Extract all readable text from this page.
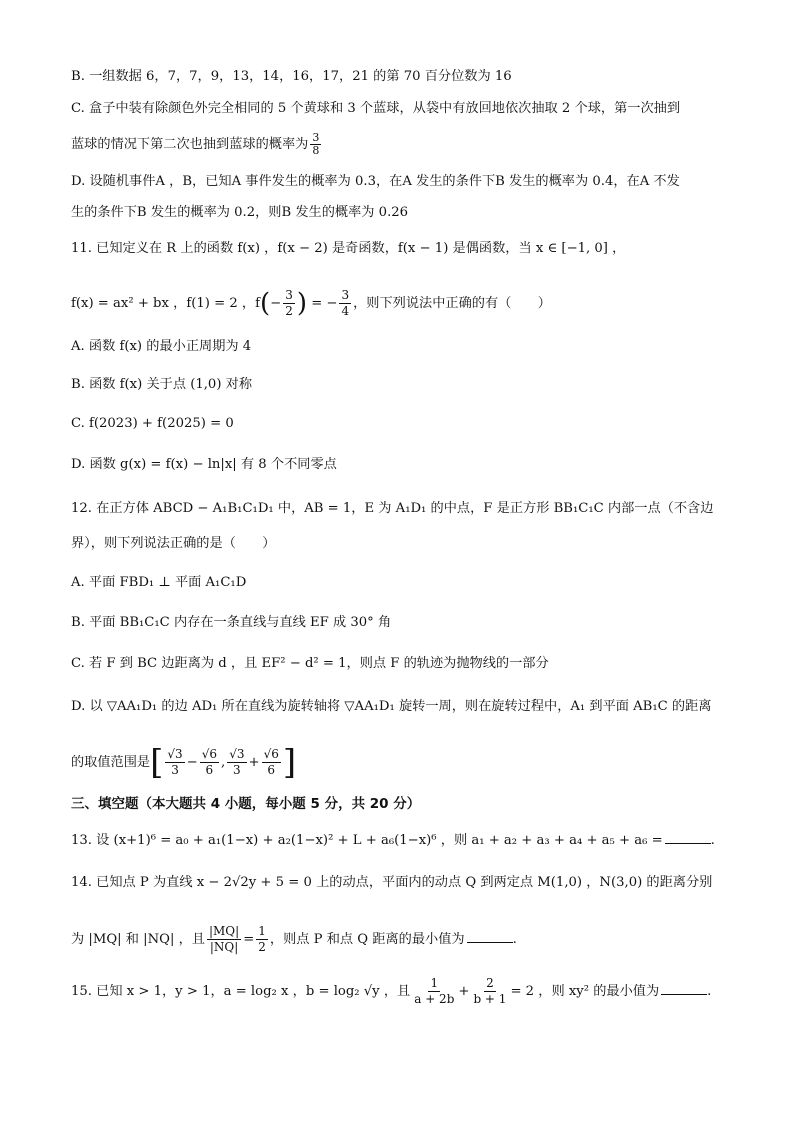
B. 一组数据 6，7，7，9，13，14，16，17，21 的第 70 百分位数为 16
C. 盒子中装有除颜色外完全相同的 5 个黄球和 3 个蓝球，从袋中有放回地依次抽取 2 个球，第一次抽到
蓝球的情况下第二次也抽到蓝球的概率为 $\frac{3}{8}$
D. 设随机事件A ，B，已知A 事件发生的概率为 0.3，在A 发生的条件下B 发生的概率为 0.4，在A 不发
生的条件下B 发生的概率为 0.2，则B 发生的概率为 0.26
11. 已知定义在 R 上的函数 f(x) ，f(x − 2) 是奇函数，f(x − 1) 是偶函数，当 x ∈ [−1, 0] ，
f(x) = ax² + bx ，f(1) = 2 ，$f(- \frac{3}{2}$ ) = − $\frac{3}{4}$ ，则下列说法中正确的有（　　）
A. 函数 f(x) 的最小正周期为 4
B. 函数 f(x) 关于点 (1,0) 对称
C. f(2023) + f(2025) = 0
D. 函数 g(x) = f(x) − ln|x| 有 8 个不同零点
12. 在正方体 ABCD − A₁B₁C₁D₁ 中，AB = 1，E 为 A₁D₁ 的中点，F 是正方形 BB₁C₁C 内部一点（不含边
界），则下列说法正确的是（　　）
A. 平面 FBD₁ ⊥ 平面 A₁C₁D
B. 平面 BB₁C₁C 内存在一条直线与直线 EF 成 30° 角
C. 若 F 到 BC 边距离为 d ，且 EF² − d² = 1，则点 F 的轨迹为抛物线的一部分
D. 以 ▽AA₁D₁ 的边 AD₁ 所在直线为旋转轴将 ▽AA₁D₁ 旋转一周，则在旋转过程中，A₁ 到平面 AB₁C 的距离
的取值范围是[ $\frac{√3}{3} - \frac{√6}{6}$ , $\frac{√3}{3} + \frac{√6}{6}$ ]
三、填空题（本大题共 4 小题，每小题 5 分，共 20 分）
13. 设 (x+1)⁶ = a₀ + a₁(1−x) + a₂(1−x)² + L + a₆(1−x)⁶ ，则 a₁ + a₂ + a₃ + a₄ + a₅ + a₆ =	.
14. 已知点 P 为直线 x − 2√2y + 5 = 0 上的动点，平面内的动点 Q 到两定点 M(1,0) ，N(3,0) 的距离分别
为 |MQ| 和 |NQ| ，且 $\frac{|MQ|}{|NQ|} = \frac{1}{2}$ ，则点 P 和点 Q 距离的最小值为	.
15. 已知 x > 1，y > 1，a = log₂ x ，b = log₂ √y ，且 $\frac{1}{a + 2b} + \frac{2}{b + 1} = 2$ ，则 xy² 的最小值为	.
